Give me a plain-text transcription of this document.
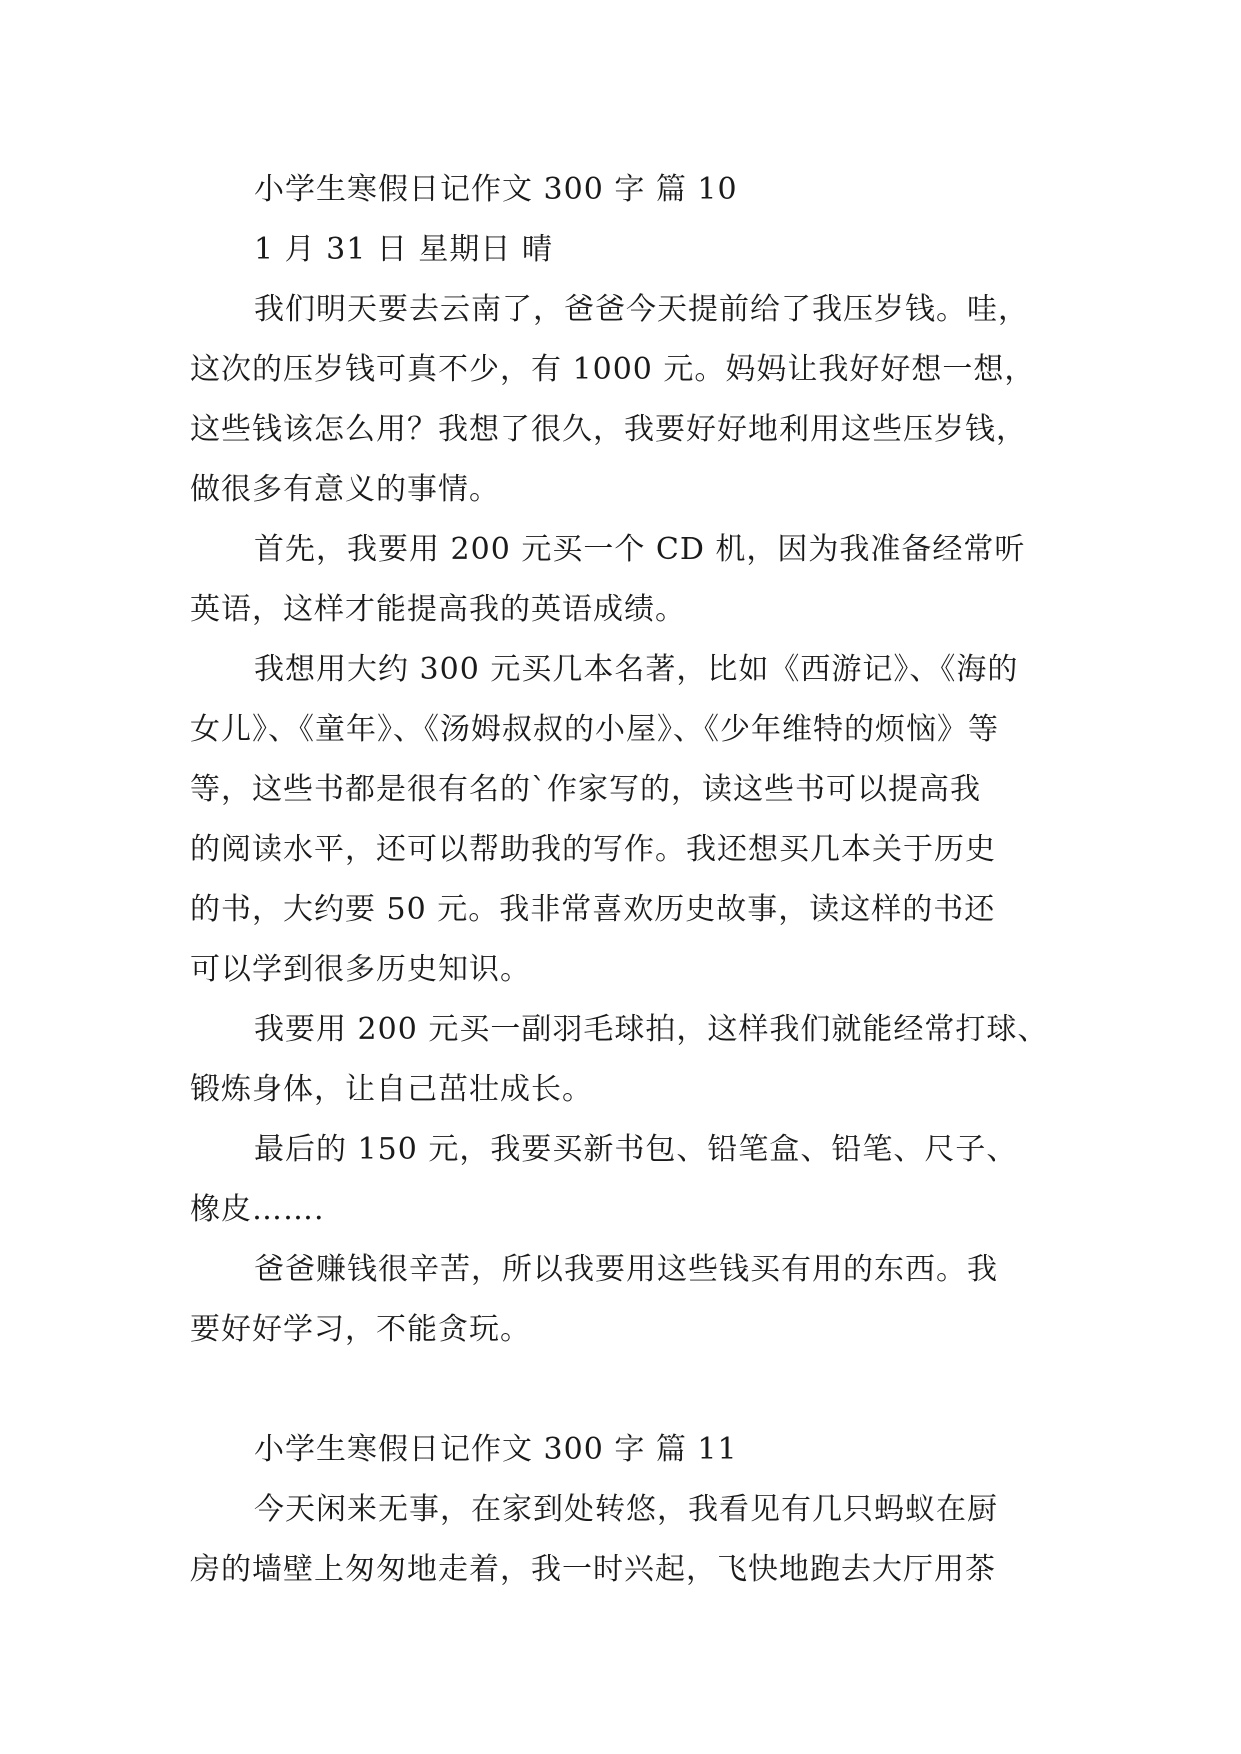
小学生寒假日记作文 300 字 篇 10
1 月 31 日 星期日 晴
我们明天要去云南了，爸爸今天提前给了我压岁钱。哇，
这次的压岁钱可真不少，有 1000 元。妈妈让我好好想一想，
这些钱该怎么用？我想了很久，我要好好地利用这些压岁钱，
做很多有意义的事情。
首先，我要用 200 元买一个 CD 机，因为我准备经常听
英语，这样才能提高我的英语成绩。
我想用大约 300 元买几本名著，比如《西游记》、《海的
女儿》、《童年》、《汤姆叔叔的小屋》、《少年维特的烦恼》等
等，这些书都是很有名的`作家写的，读这些书可以提高我
的阅读水平，还可以帮助我的写作。我还想买几本关于历史
的书，大约要 50 元。我非常喜欢历史故事，读这样的书还
可以学到很多历史知识。
我要用 200 元买一副羽毛球拍，这样我们就能经常打球、
锻炼身体，让自己茁壮成长。
最后的 150 元，我要买新书包、铅笔盒、铅笔、尺子、
橡皮…….
爸爸赚钱很辛苦，所以我要用这些钱买有用的东西。我
要好好学习，不能贪玩。
小学生寒假日记作文 300 字 篇 11
今天闲来无事，在家到处转悠，我看见有几只蚂蚁在厨
房的墙壁上匆匆地走着，我一时兴起，飞快地跑去大厅用茶
